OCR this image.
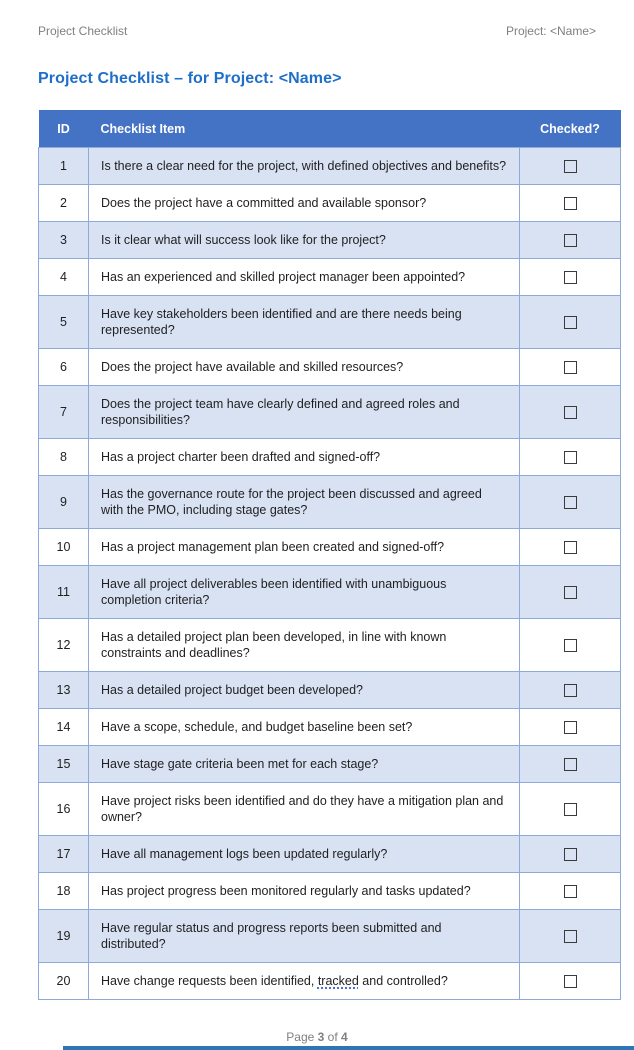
Project Checklist	Project: <Name>
Project Checklist – for Project: <Name>
ID	Checklist Item	Checked?
1	Is there a clear need for the project, with defined objectives and benefits?	
2	Does the project have a committed and available sponsor?	
3	Is it clear what will success look like for the project?	
4	Has an experienced and skilled project manager been appointed?	
5	Have key stakeholders been identified and are there needs being represented?	
6	Does the project have available and skilled resources?	
7	Does the project team have clearly defined and agreed roles and responsibilities?	
8	Has a project charter been drafted and signed-off?	
9	Has the governance route for the project been discussed and agreed with the PMO, including stage gates?	
10	Has a project management plan been created and signed-off?	
11	Have all project deliverables been identified with unambiguous completion criteria?	
12	Has a detailed project plan been developed, in line with known constraints and deadlines?	
13	Has a detailed project budget been developed?	
14	Have a scope, schedule, and budget baseline been set?	
15	Have stage gate criteria been met for each stage?	
16	Have project risks been identified and do they have a mitigation plan and owner?	
17	Have all management logs been updated regularly?	
18	Has project progress been monitored regularly and tasks updated?	
19	Have regular status and progress reports been submitted and distributed?	
20	Have change requests been identified, tracked and controlled?	
Page 3 of 4
